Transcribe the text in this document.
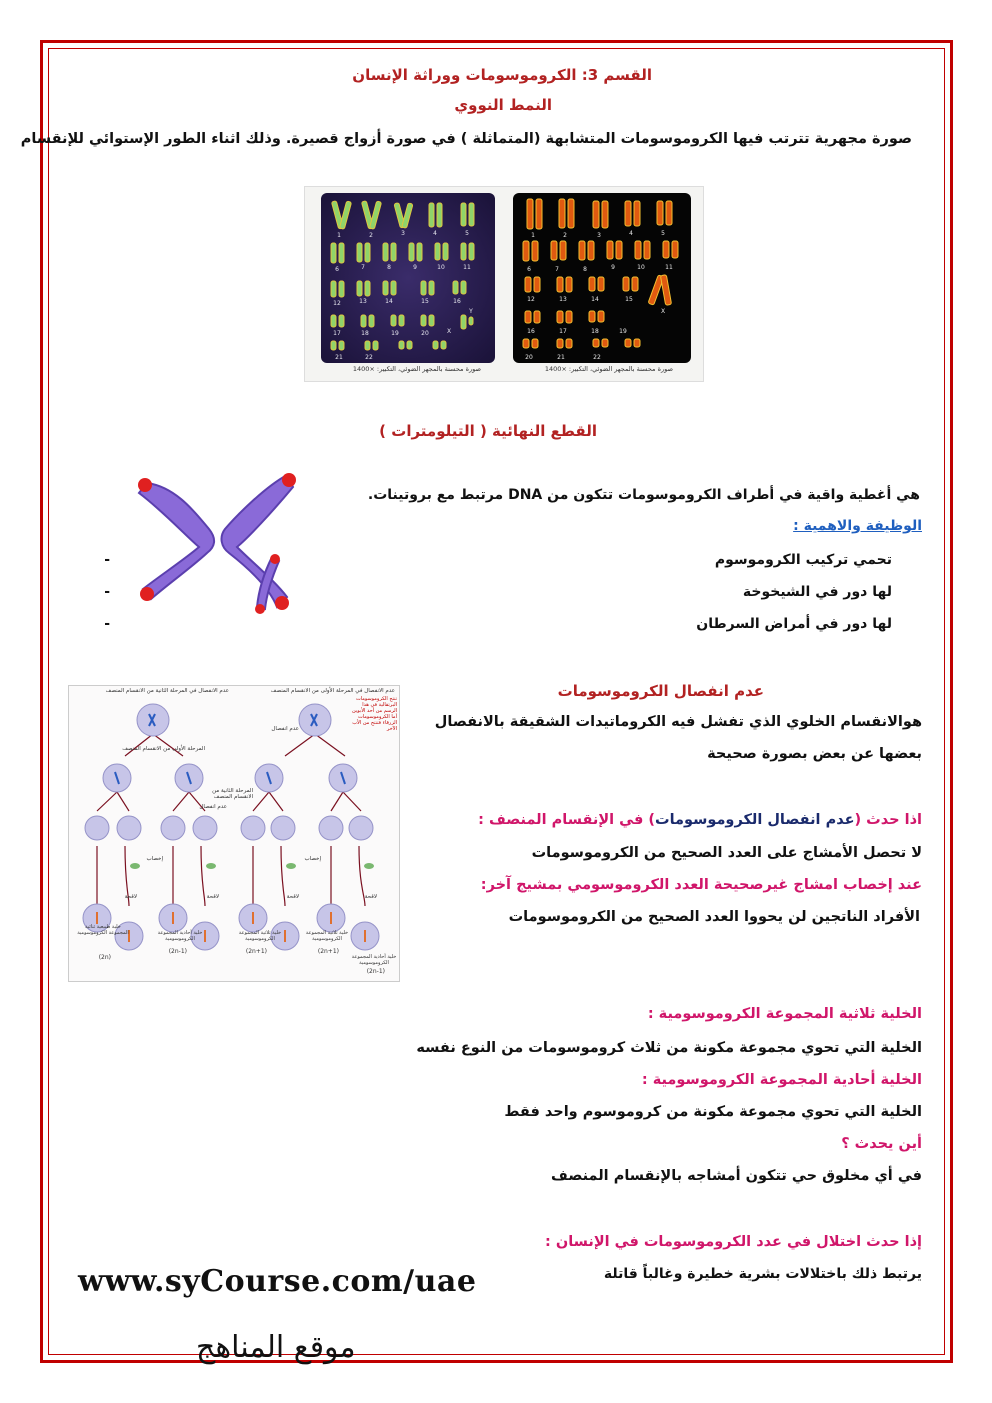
القسم 3: الكروموسومات ووراثة الإنسان
النمط النووي
صورة مجهرية تترتب فيها الكروموسومات المتشابهة (المتماثلة ) في صورة أزواج قصيرة. وذلك اثناء الطور الإستوائي للإنقسام
1	2	3	4	5
6	7	8	9	10	11
12	13	14	15	16
17	18	19	20
21	22
X
Y
1	2	3	4	5
6	7	8	9	10	11
12	13	14	15
16	17	18	19
20	21	22
X
صورة محسنة بالمجهر الضوئي، التكبير: ×1400	صورة محسنة بالمجهر الضوئي، التكبير: ×1400
القطع النهائية ( التيلومترات )
هي أغطية واقية في أطراف الكروموسومات تتكون من DNA مرتبط مع بروتينات.
الوظيفة والاهمية :
تحمي تركيب الكروموسوم
-
لها دور في الشيخوخة
-
لها دور في أمراض السرطان
-
عدم الانفصال في المرحلة الأولى من الانقسام المنصف
عدم الانفصال في المرحلة الثانية من الانقسام المنصف
تنتج الكروموسومات البرتقالية في هذا الرسم من أحد الأبوين أما الكروموسومات الزرقاء فتنتج من الأب الآخر
عدم انفصال
المرحلة الأولى من الانقسام المنصف
المرحلة الثانية من الانقسام المنصف
عدم انفصال
إخصاب	إخصاب
لاقحة	لاقحة	لاقحة	لاقحة
خلية طبيعية ثنائية المجموعة الكروموسومية
(2n)
خلية أحادية المجموعة الكروموسومية
(2n-1)
خلية ثلاثية المجموعة الكروموسومية
(2n+1)
خلية ثلاثية المجموعة الكروموسومية
(2n+1)
خلية أحادية المجموعة الكروموسومية
(2n-1)
عدم انفصال الكروموسومات
هوالانقسام الخلوي الذي تفشل فيه الكروماتيدات الشقيقة بالانفصال
بعضها عن بعض بصورة صحيحة
اذا حدث (عدم انفصال الكروموسومات) في الإنقسام المنصف :
لا تحصل الأمشاج على العدد الصحيح من الكروموسومات
عند إخصاب امشاج غيرصحيحة العدد الكروموسومي بمشيج آخر:
الأفراد الناتجين لن يحووا العدد الصحيح من الكروموسومات
الخلية ثلاثية المجموعة الكروموسومية :
الخلية التي تحوي مجموعة مكونة من ثلاث كروموسومات من النوع نفسه
الخلية أحادية المجموعة الكروموسومية :
الخلية التي تحوي مجموعة مكونة من كروموسوم واحد فقط
أين يحدث ؟
في أي مخلوق حي تتكون أمشاجه بالإنقسام المنصف
إذا حدث اختلال في عدد الكروموسومات في الإنسان :
يرتبط ذلك باختلالات بشرية خطيرة وغالباً قاتلة
www.syCourse.com/uae
موقع المناهج
